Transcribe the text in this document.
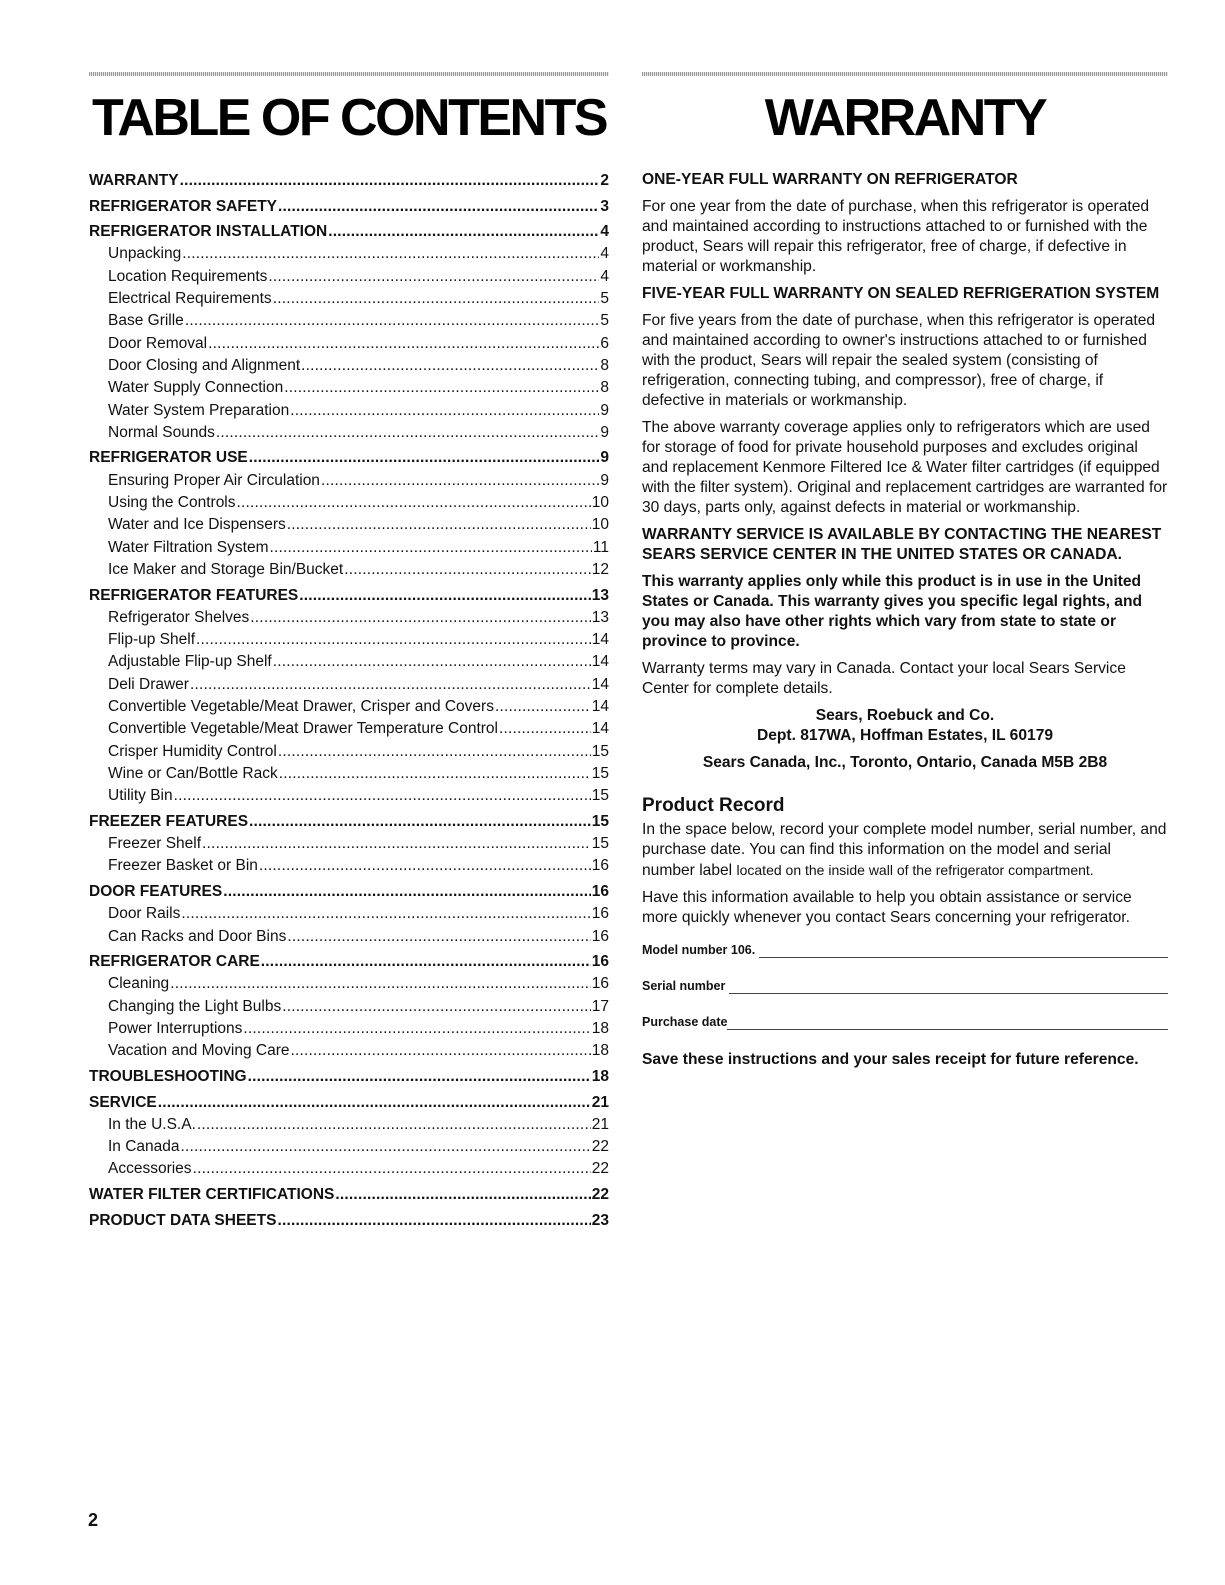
TABLE OF CONTENTS
WARRANTY .....	2
REFRIGERATOR SAFETY .....	3
REFRIGERATOR INSTALLATION .....	4
Unpacking .....	4
Location Requirements .....	4
Electrical Requirements .....	5
Base Grille .....	5
Door Removal .....	6
Door Closing and Alignment .....	8
Water Supply Connection .....	8
Water System Preparation .....	9
Normal Sounds .....	9
REFRIGERATOR USE .....	9
Ensuring Proper Air Circulation .....	9
Using the Controls .....	10
Water and Ice Dispensers .....	10
Water Filtration System .....	11
Ice Maker and Storage Bin/Bucket .....	12
REFRIGERATOR FEATURES .....	13
Refrigerator Shelves .....	13
Flip-up Shelf .....	14
Adjustable Flip-up Shelf .....	14
Deli Drawer .....	14
Convertible Vegetable/Meat Drawer, Crisper and Covers .....	14
Convertible Vegetable/Meat Drawer Temperature Control .....	14
Crisper Humidity Control .....	15
Wine or Can/Bottle Rack .....	15
Utility Bin .....	15
FREEZER FEATURES .....	15
Freezer Shelf .....	15
Freezer Basket or Bin .....	16
DOOR FEATURES .....	16
Door Rails .....	16
Can Racks and Door Bins .....	16
REFRIGERATOR CARE .....	16
Cleaning .....	16
Changing the Light Bulbs .....	17
Power Interruptions .....	18
Vacation and Moving Care .....	18
TROUBLESHOOTING .....	18
SERVICE .....	21
In the U.S.A. .....	21
In Canada .....	22
Accessories .....	22
WATER FILTER CERTIFICATIONS .....	22
PRODUCT DATA SHEETS .....	23
WARRANTY

ONE-YEAR FULL WARRANTY ON REFRIGERATOR

For one year from the date of purchase, when this refrigerator is operated and maintained according to instructions attached to or furnished with the product, Sears will repair this refrigerator, free of charge, if defective in material or workmanship.

FIVE-YEAR FULL WARRANTY ON SEALED REFRIGERATION SYSTEM

For five years from the date of purchase, when this refrigerator is operated and maintained according to owner's instructions attached to or furnished with the product, Sears will repair the sealed system (consisting of refrigeration, connecting tubing, and compressor), free of charge, if defective in materials or workmanship.

The above warranty coverage applies only to refrigerators which are used for storage of food for private household purposes and excludes original and replacement Kenmore Filtered Ice & Water filter cartridges (if equipped with the filter system). Original and replacement cartridges are warranted for 30 days, parts only, against defects in material or workmanship.

WARRANTY SERVICE IS AVAILABLE BY CONTACTING THE NEAREST SEARS SERVICE CENTER IN THE UNITED STATES OR CANADA.

This warranty applies only while this product is in use in the United States or Canada. This warranty gives you specific legal rights, and you may also have other rights which vary from state to state or province to province.

Warranty terms may vary in Canada. Contact your local Sears Service Center for complete details.

Sears, Roebuck and Co.

Dept. 817WA, Hoffman Estates, IL 60179

Sears Canada, Inc., Toronto, Ontario, Canada M5B 2B8

Product Record

In the space below, record your complete model number, serial number, and purchase date. You can find this information on the model and serial number label located on the inside wall of the refrigerator compartment.

Have this information available to help you obtain assistance or service more quickly whenever you contact Sears concerning your refrigerator.

Model number 106.
Serial number
Purchase date

Save these instructions and your sales receipt for future reference.

2
